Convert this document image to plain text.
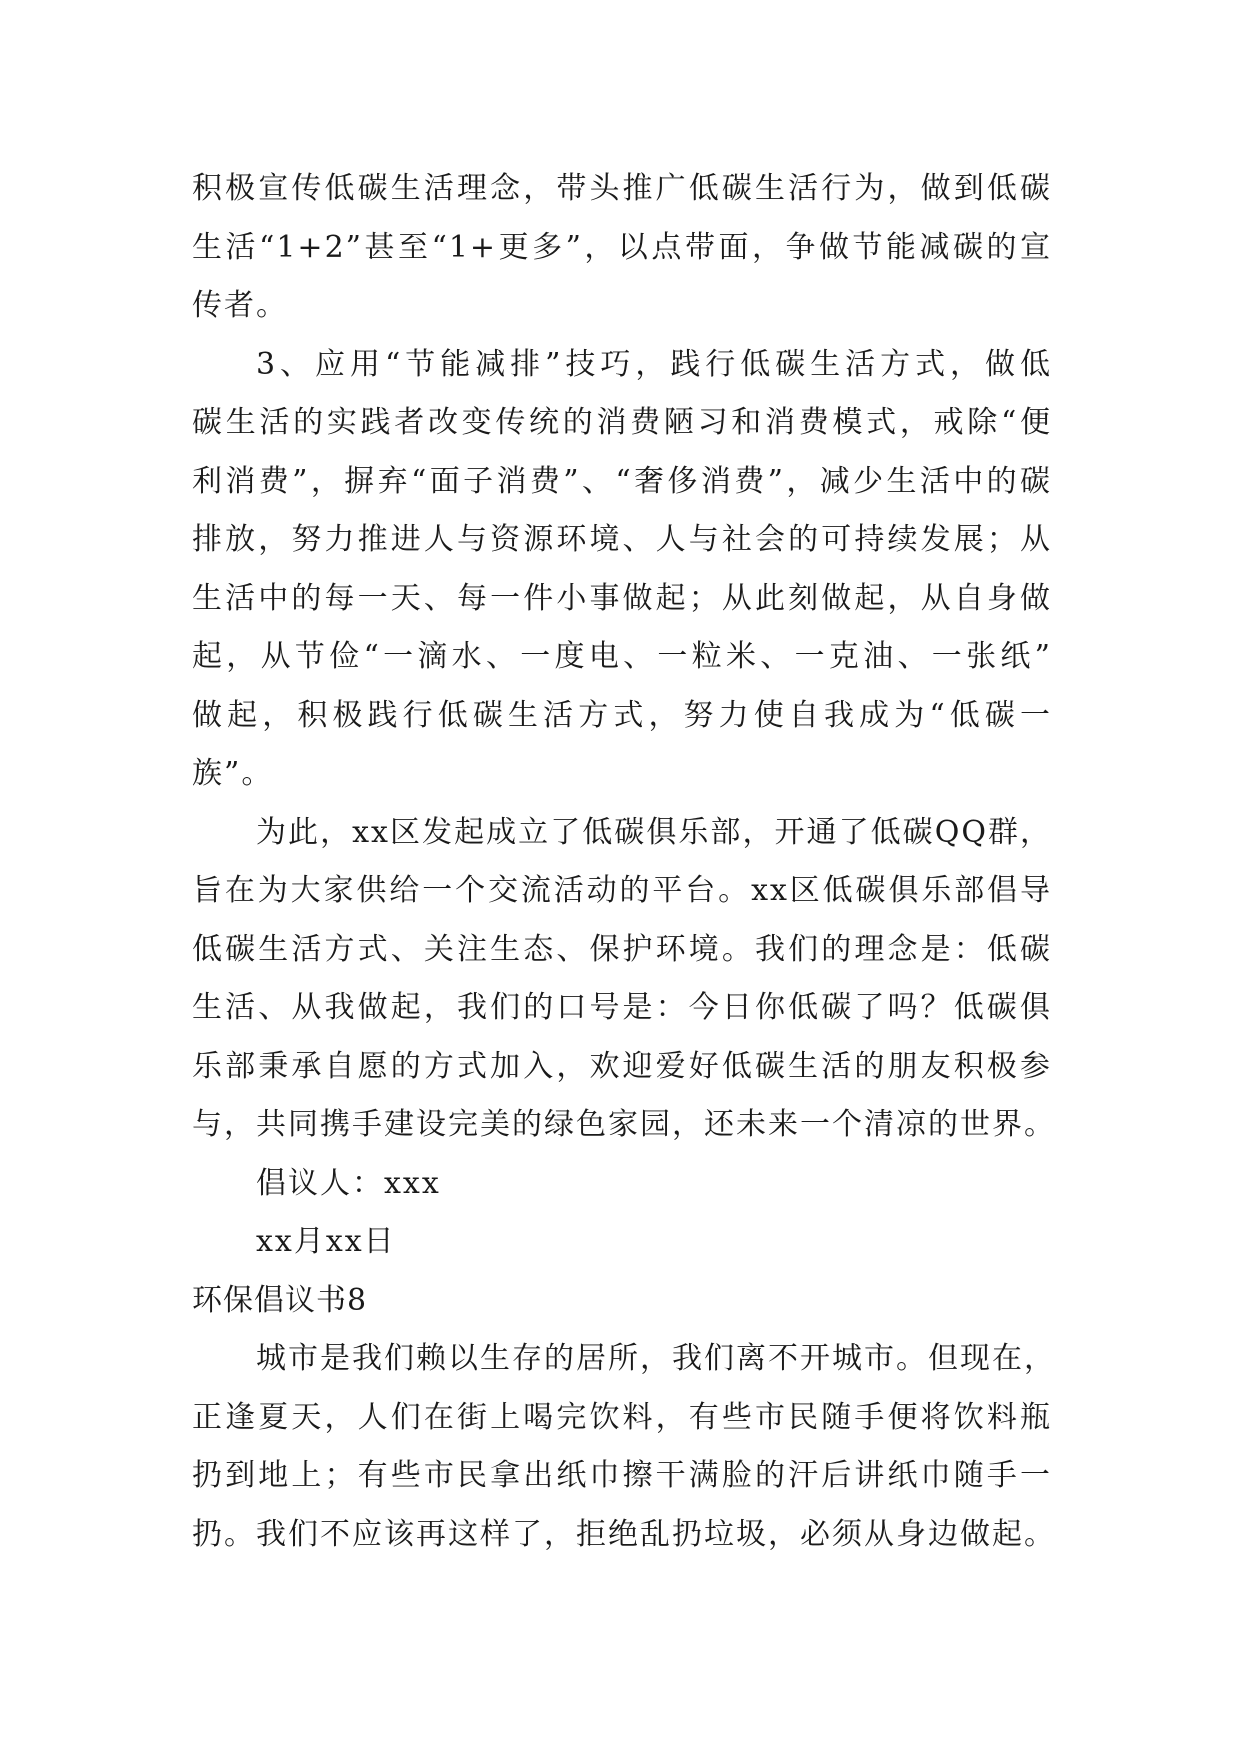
积极宣传低碳生活理念，带头推广低碳生活行为，做到低碳
生活“1+2”甚至“1+更多”，以点带面，争做节能减碳的宣
传者。
3、应用“节能减排”技巧，践行低碳生活方式，做低
碳生活的实践者改变传统的消费陋习和消费模式，戒除“便
利消费”，摒弃“面子消费”、“奢侈消费”，减少生活中的碳
排放，努力推进人与资源环境、人与社会的可持续发展；从
生活中的每一天、每一件小事做起；从此刻做起，从自身做
起，从节俭“一滴水、一度电、一粒米、一克油、一张纸”
做起，积极践行低碳生活方式，努力使自我成为“低碳一
族”。
为此，xx区发起成立了低碳俱乐部，开通了低碳QQ群，
旨在为大家供给一个交流活动的平台。xx区低碳俱乐部倡导
低碳生活方式、关注生态、保护环境。我们的理念是：低碳
生活、从我做起，我们的口号是：今日你低碳了吗？低碳俱
乐部秉承自愿的方式加入，欢迎爱好低碳生活的朋友积极参
与，共同携手建设完美的绿色家园，还未来一个清凉的世界。
倡议人：xxx
xx月xx日
环保倡议书8
城市是我们赖以生存的居所，我们离不开城市。但现在，
正逢夏天，人们在街上喝完饮料，有些市民随手便将饮料瓶
扔到地上；有些市民拿出纸巾擦干满脸的汗后讲纸巾随手一
扔。我们不应该再这样了，拒绝乱扔垃圾，必须从身边做起。
